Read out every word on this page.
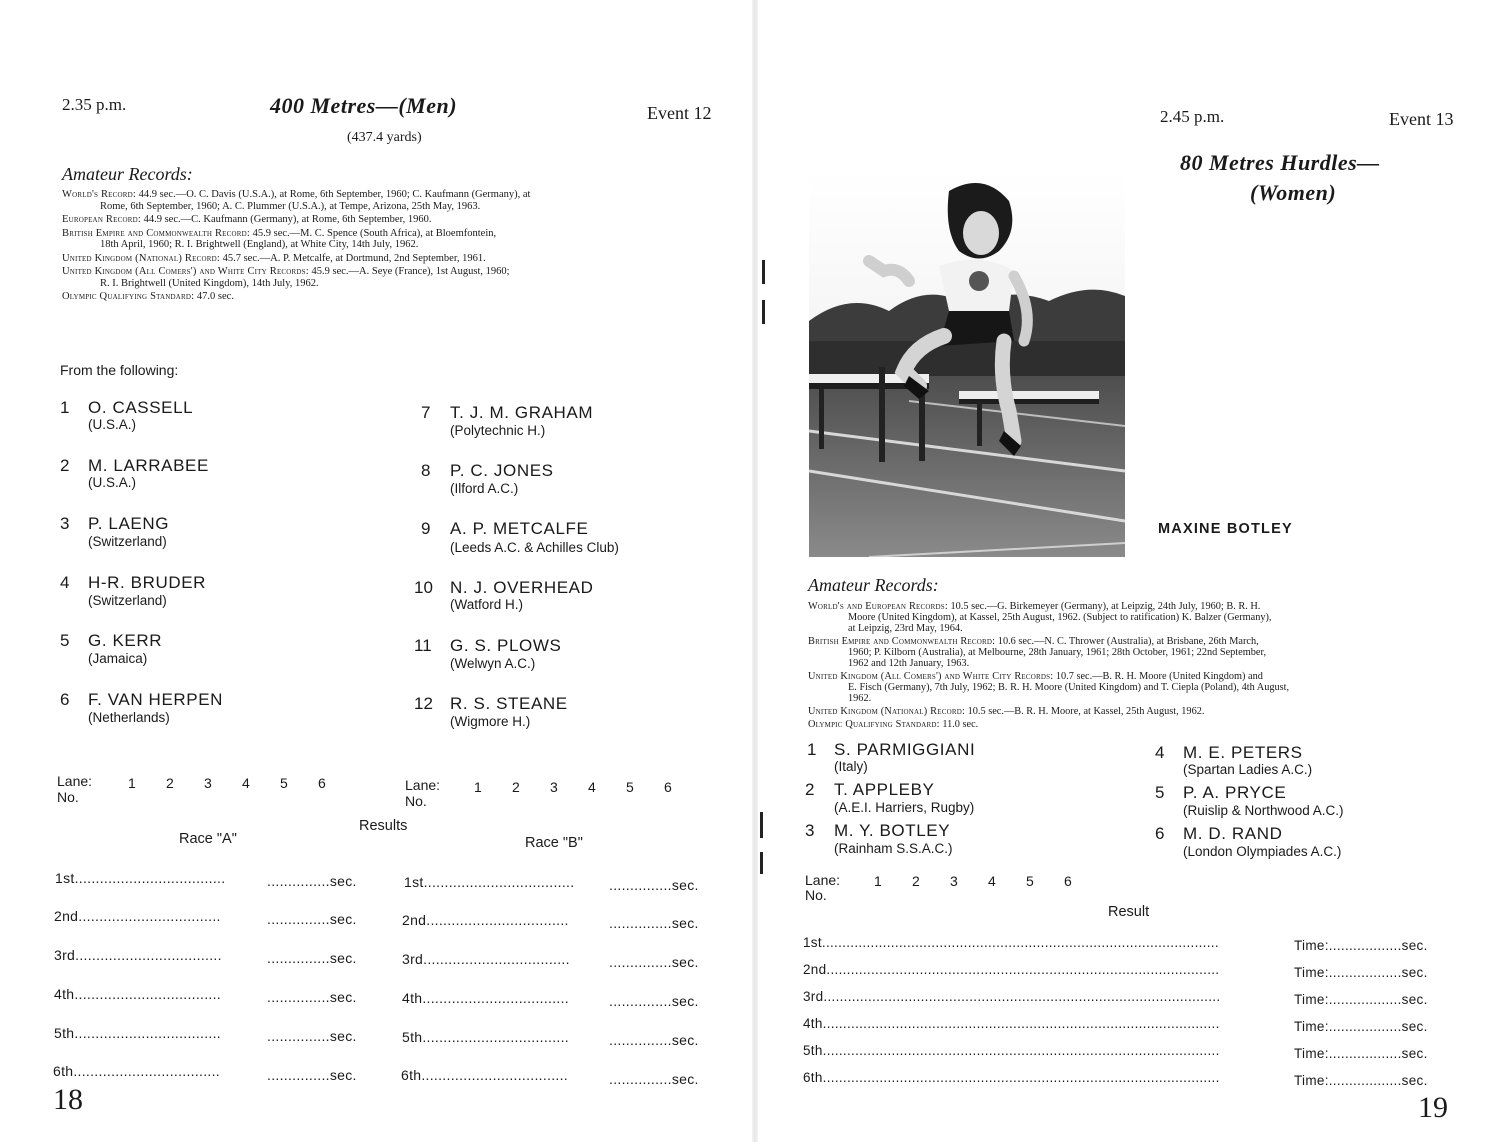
2.35 p.m.	400 Metres—(Men)
(437.4 yards)
Event 12
Amateur Records:

World's Record: 44.9 sec.—O. C. Davis (U.S.A.), at Rome, 6th September, 1960; C. Kaufmann (Germany), at
Rome, 6th September, 1960; A. C. Plummer (U.S.A.), at Tempe, Arizona, 25th May, 1963.

European Record: 44.9 sec.—C. Kaufmann (Germany), at Rome, 6th September, 1960.

British Empire and Commonwealth Record: 45.9 sec.—M. C. Spence (South Africa), at Bloemfontein,
18th April, 1960; R. I. Brightwell (England), at White City, 14th July, 1962.

United Kingdom (National) Record: 45.7 sec.—A. P. Metcalfe, at Dortmund, 2nd September, 1961.

United Kingdom (All Comers') and White City Records: 45.9 sec.—A. Seye (France), 1st August, 1960;
R. I. Brightwell (United Kingdom), 14th July, 1962.

Olympic Qualifying Standard: 47.0 sec.

From the following:
1 O. CASSELL
(U.S.A.)
2 M. LARRABEE
(U.S.A.)
3 P. LAENG
(Switzerland)
4 H-R. BRUDER
(Switzerland)
5 G. KERR
(Jamaica)
6 F. VAN HERPEN
(Netherlands)
7 T. J. M. GRAHAM
(Polytechnic H.)
8 P. C. JONES
(Ilford A.C.)
9 A. P. METCALFE
(Leeds A.C. & Achilles Club)
10 N. J. OVERHEAD
(Watford H.)
11 G. S. PLOWS
(Welwyn A.C.)
12 R. S. STEANE
(Wigmore H.)
Lane:
No.
1 2 3 4 5 6	Lane:
No.
1 2 3 4 5 6
Results
Race "A"	Race "B"
1st....................................	...............sec.
2nd..................................	...............sec.
3rd...................................	...............sec.
4th...................................	...............sec.
5th...................................	...............sec.
6th...................................	...............sec.
1st.................................... ...............sec.
2nd..................................	...............sec.
3rd...................................	...............sec.
4th...................................	...............sec.
5th...................................	...............sec.
6th...................................	...............sec.
18
2.45 p.m.	Event 13
80 Metres Hurdles—
(Women)
MAXINE BOTLEY
Amateur Records:

World's and European Records: 10.5 sec.—G. Birkemeyer (Germany), at Leipzig, 24th July, 1960; B. R. H.
Moore (United Kingdom), at Kassel, 25th August, 1962. (Subject to ratification) K. Balzer (Germany),
at Leipzig, 23rd May, 1964.

British Empire and Commonwealth Record: 10.6 sec.—N. C. Thrower (Australia), at Brisbane, 26th March,
1960; P. Kilborn (Australia), at Melbourne, 28th January, 1961; 28th October, 1961; 22nd September,
1962 and 12th January, 1963.

United Kingdom (All Comers') and White City Records: 10.7 sec.—B. R. H. Moore (United Kingdom) and
E. Fisch (Germany), 7th July, 1962; B. R. H. Moore (United Kingdom) and T. Ciepla (Poland), 4th August,
1962.

United Kingdom (National) Record: 10.5 sec.—B. R. H. Moore, at Kassel, 25th August, 1962.

Olympic Qualifying Standard: 11.0 sec.

1 S. PARMIGGIANI
(Italy)
2 T. APPLEBY
(A.E.I. Harriers, Rugby)
3 M. Y. BOTLEY
(Rainham S.S.A.C.)
4 M. E. PETERS
(Spartan Ladies A.C.)
5 P. A. PRYCE
(Ruislip & Northwood A.C.)
6 M. D. RAND
(London Olympiades A.C.)
Lane:
No.
1 2 3 4 5 6
Result
1st..................................................................................................	Time:..................sec.
2nd.................................................................................................	Time:..................sec.
3rd..................................................................................................	Time:..................sec.
4th..................................................................................................	Time:..................sec.
5th..................................................................................................	Time:..................sec.
6th..................................................................................................	Time:..................sec.
19
